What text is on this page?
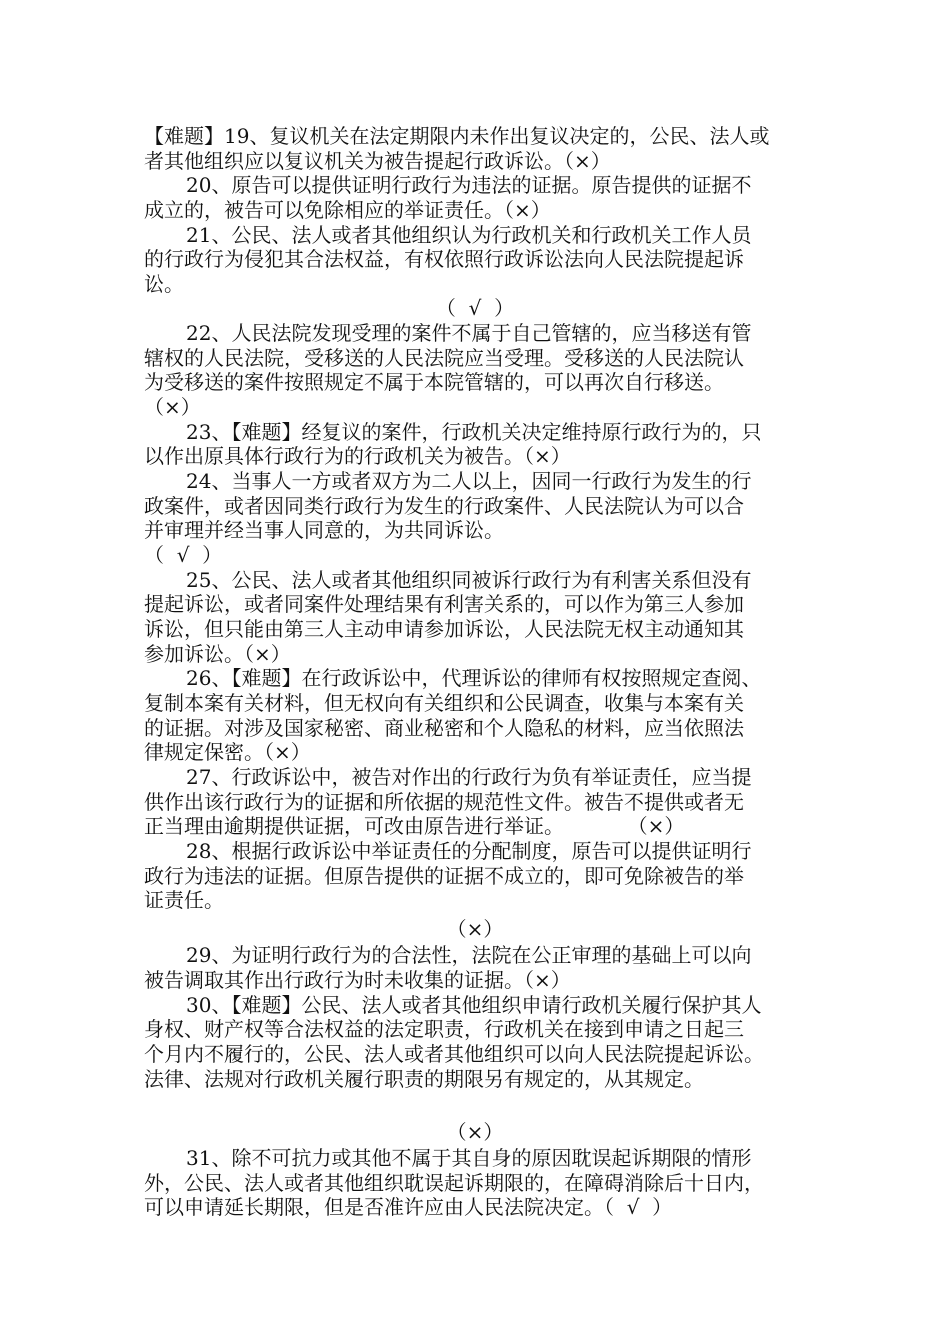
【难题】19、复议机关在法定期限内未作出复议决定的，公民、法人或
者其他组织应以复议机关为被告提起行政诉讼。（×）
20、原告可以提供证明行政行为违法的证据。原告提供的证据不
成立的，被告可以免除相应的举证责任。（×）
21、公民、法人或者其他组织认为行政机关和行政机关工作人员
的行政行为侵犯其合法权益，有权依照行政诉讼法向人民法院提起诉
讼。
（  √  ）
22、人民法院发现受理的案件不属于自己管辖的，应当移送有管
辖权的人民法院，受移送的人民法院应当受理。受移送的人民法院认
为受移送的案件按照规定不属于本院管辖的，可以再次自行移送。
（×）
23、【难题】经复议的案件，行政机关决定维持原行政行为的，只
以作出原具体行政行为的行政机关为被告。（×）
24、当事人一方或者双方为二人以上，因同一行政行为发生的行
政案件，或者因同类行政行为发生的行政案件、人民法院认为可以合
并审理并经当事人同意的，为共同诉讼。
（  √  ）
25、公民、法人或者其他组织同被诉行政行为有利害关系但没有
提起诉讼，或者同案件处理结果有利害关系的，可以作为第三人参加
诉讼，但只能由第三人主动申请参加诉讼，人民法院无权主动通知其
参加诉讼。（×）
26、【难题】在行政诉讼中，代理诉讼的律师有权按照规定查阅、
复制本案有关材料，但无权向有关组织和公民调查，收集与本案有关
的证据。对涉及国家秘密、商业秘密和个人隐私的材料，应当依照法
律规定保密。（×）
27、行政诉讼中，被告对作出的行政行为负有举证责任，应当提
供作出该行政行为的证据和所依据的规范性文件。被告不提供或者无
正当理由逾期提供证据，可改由原告进行举证。          （×）
28、根据行政诉讼中举证责任的分配制度，原告可以提供证明行
政行为违法的证据。但原告提供的证据不成立的，即可免除被告的举
证责任。
（×）
29、为证明行政行为的合法性，法院在公正审理的基础上可以向
被告调取其作出行政行为时未收集的证据。（×）
30、【难题】公民、法人或者其他组织申请行政机关履行保护其人
身权、财产权等合法权益的法定职责，行政机关在接到申请之日起三
个月内不履行的，公民、法人或者其他组织可以向人民法院提起诉讼。
法律、法规对行政机关履行职责的期限另有规定的，从其规定。
（×）
31、除不可抗力或其他不属于其自身的原因耽误起诉期限的情形
外，公民、法人或者其他组织耽误起诉期限的，在障碍消除后十日内，
可以申请延长期限，但是否准许应由人民法院决定。（  √  ）
